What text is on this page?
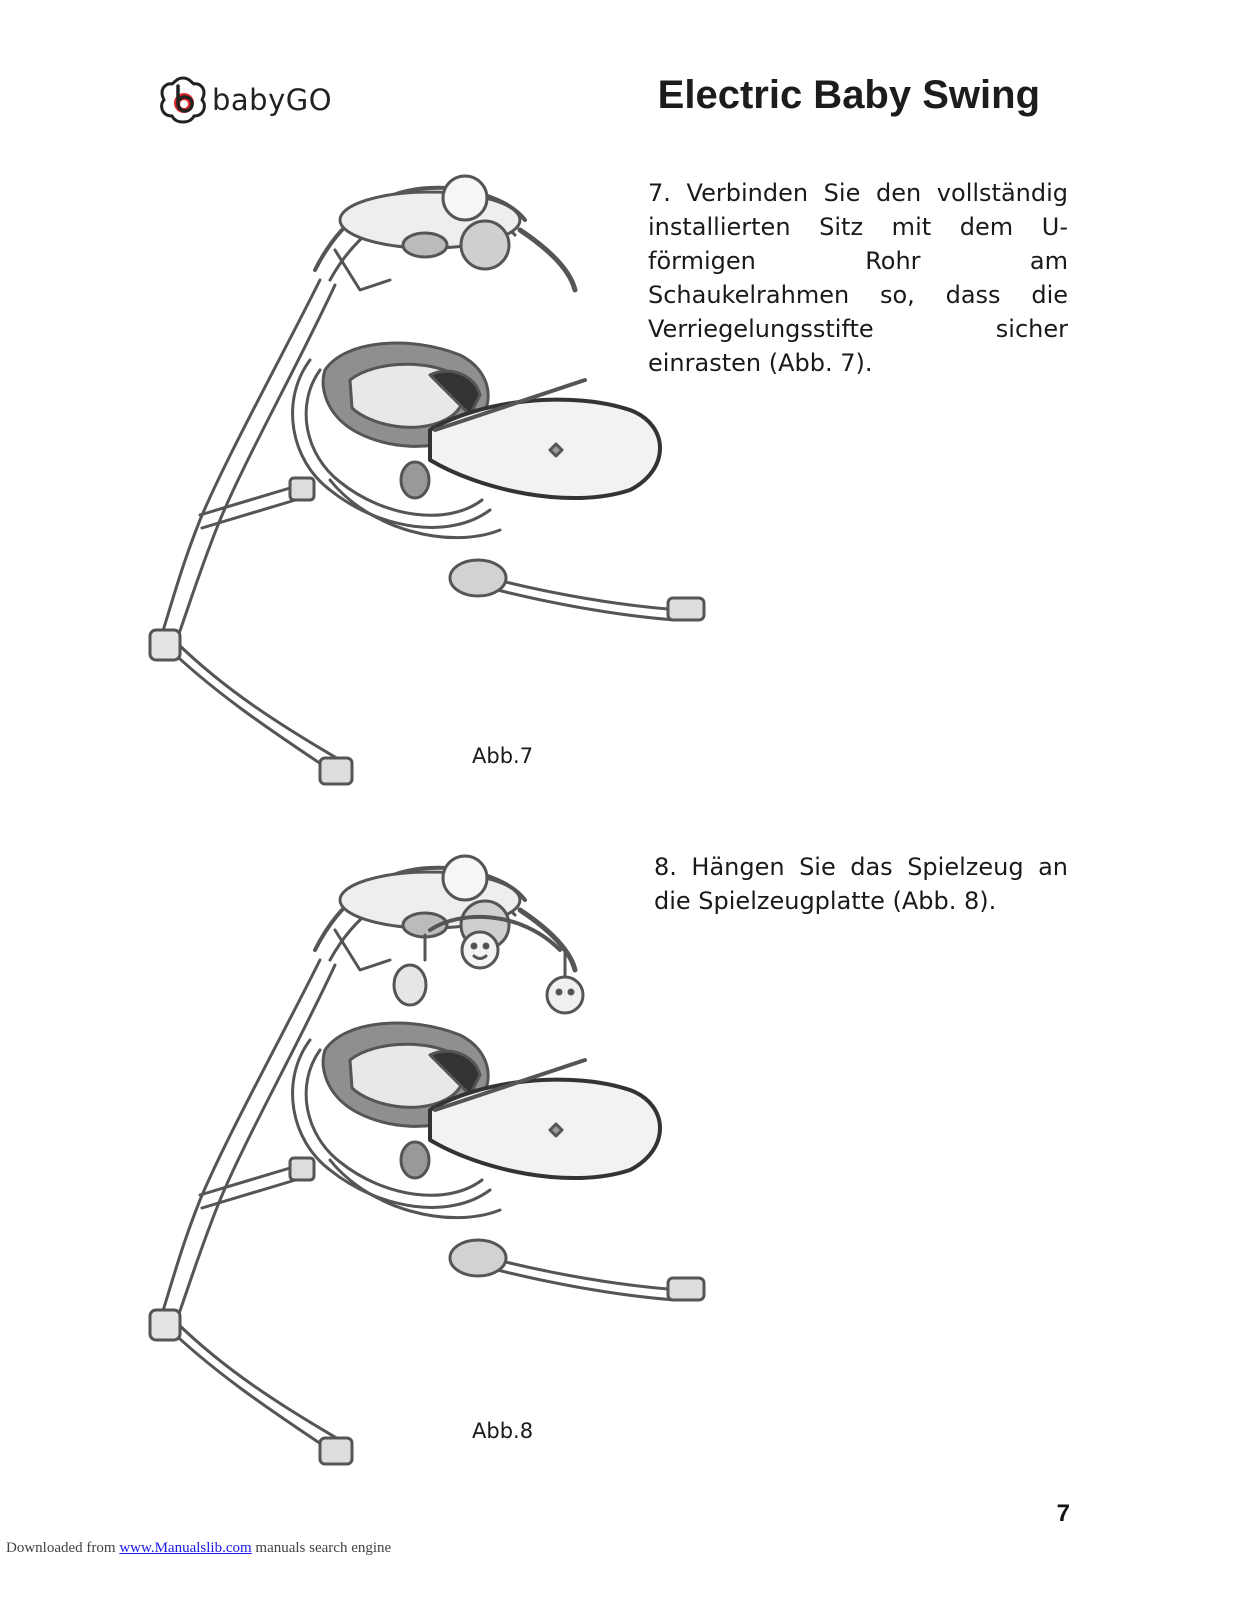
babyGO	Electric Baby Swing

7. Verbinden Sie den vollständig installierten Sitz mit dem U-förmigen Rohr am Schaukelrahmen so, dass die Verriegelungsstifte sicher einrasten (Abb. 7).

Abb.7

8. Hängen Sie das Spielzeug an die Spielzeugplatte (Abb. 8).

Abb.8
7
Downloaded from www.Manualslib.com manuals search engine
